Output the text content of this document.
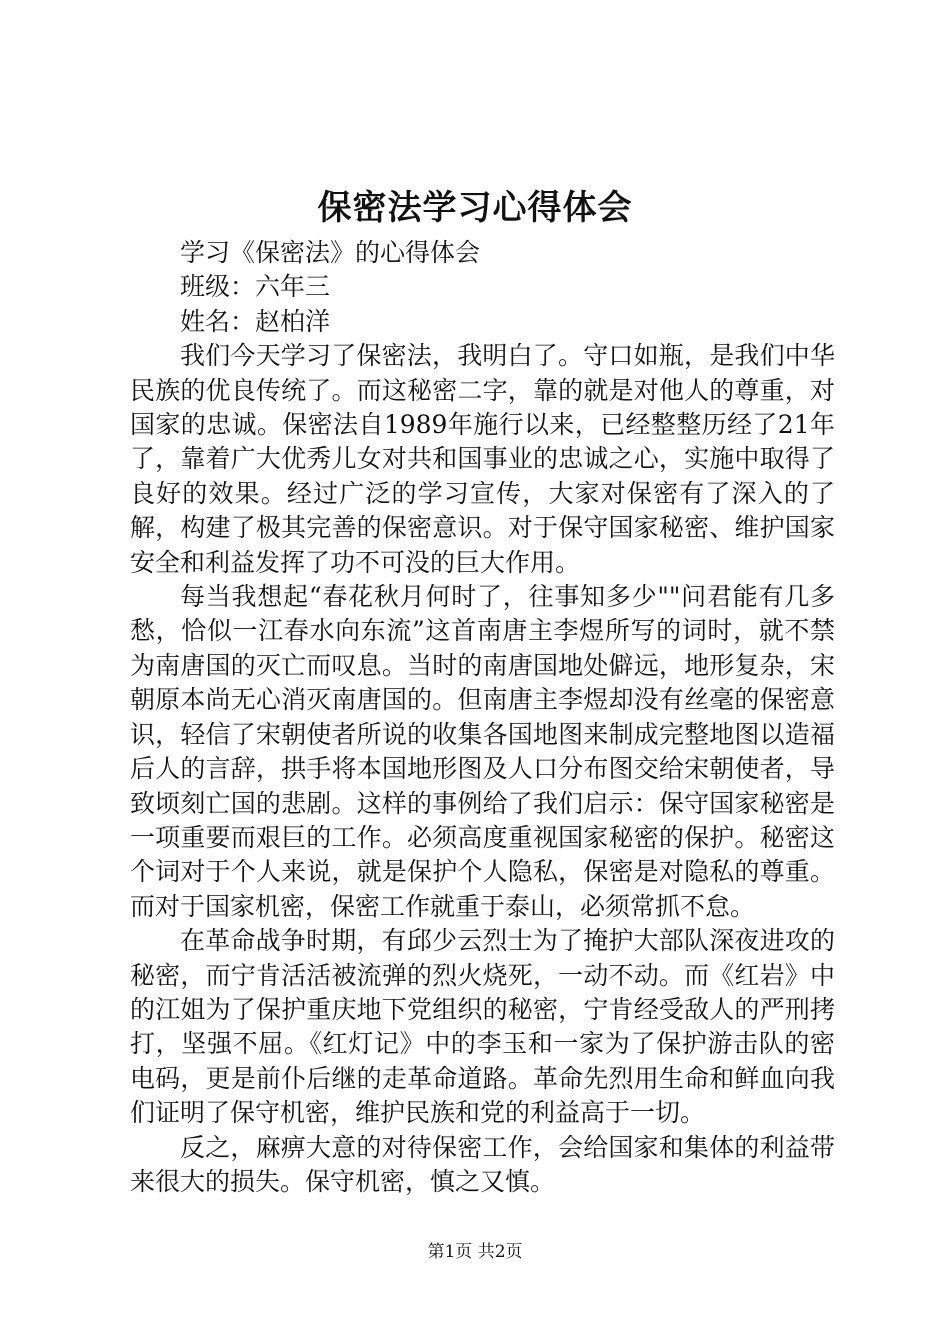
保密法学习心得体会

学习《保密法》的心得体会

班级：六年三

姓名：赵柏洋

我们今天学习了保密法，我明白了。守口如瓶，是我们中华民族的优良传统了。而这秘密二字，靠的就是对他人的尊重，对国家的忠诚。保密法自1989年施行以来，已经整整历经了21年了，靠着广大优秀儿女对共和国事业的忠诚之心，实施中取得了良好的效果。经过广泛的学习宣传，大家对保密有了深入的了解，构建了极其完善的保密意识。对于保守国家秘密、维护国家安全和利益发挥了功不可没的巨大作用。

每当我想起“春花秋月何时了，往事知多少""问君能有几多愁，恰似一江春水向东流”这首南唐主李煜所写的词时，就不禁为南唐国的灭亡而叹息。当时的南唐国地处僻远，地形复杂，宋朝原本尚无心消灭南唐国的。但南唐主李煜却没有丝毫的保密意识，轻信了宋朝使者所说的收集各国地图来制成完整地图以造福后人的言辞，拱手将本国地形图及人口分布图交给宋朝使者，导致顷刻亡国的悲剧。这样的事例给了我们启示：保守国家秘密是一项重要而艰巨的工作。必须高度重视国家秘密的保护。秘密这个词对于个人来说，就是保护个人隐私，保密是对隐私的尊重。而对于国家机密，保密工作就重于泰山，必须常抓不怠。

在革命战争时期，有邱少云烈士为了掩护大部队深夜进攻的秘密，而宁肯活活被流弹的烈火烧死，一动不动。而《红岩》中的江姐为了保护重庆地下党组织的秘密，宁肯经受敌人的严刑拷打，坚强不屈。《红灯记》中的李玉和一家为了保护游击队的密电码，更是前仆后继的走革命道路。革命先烈用生命和鲜血向我们证明了保守机密，维护民族和党的利益高于一切。

反之，麻痹大意的对待保密工作，会给国家和集体的利益带来很大的损失。保守机密，慎之又慎。

第1页 共2页
